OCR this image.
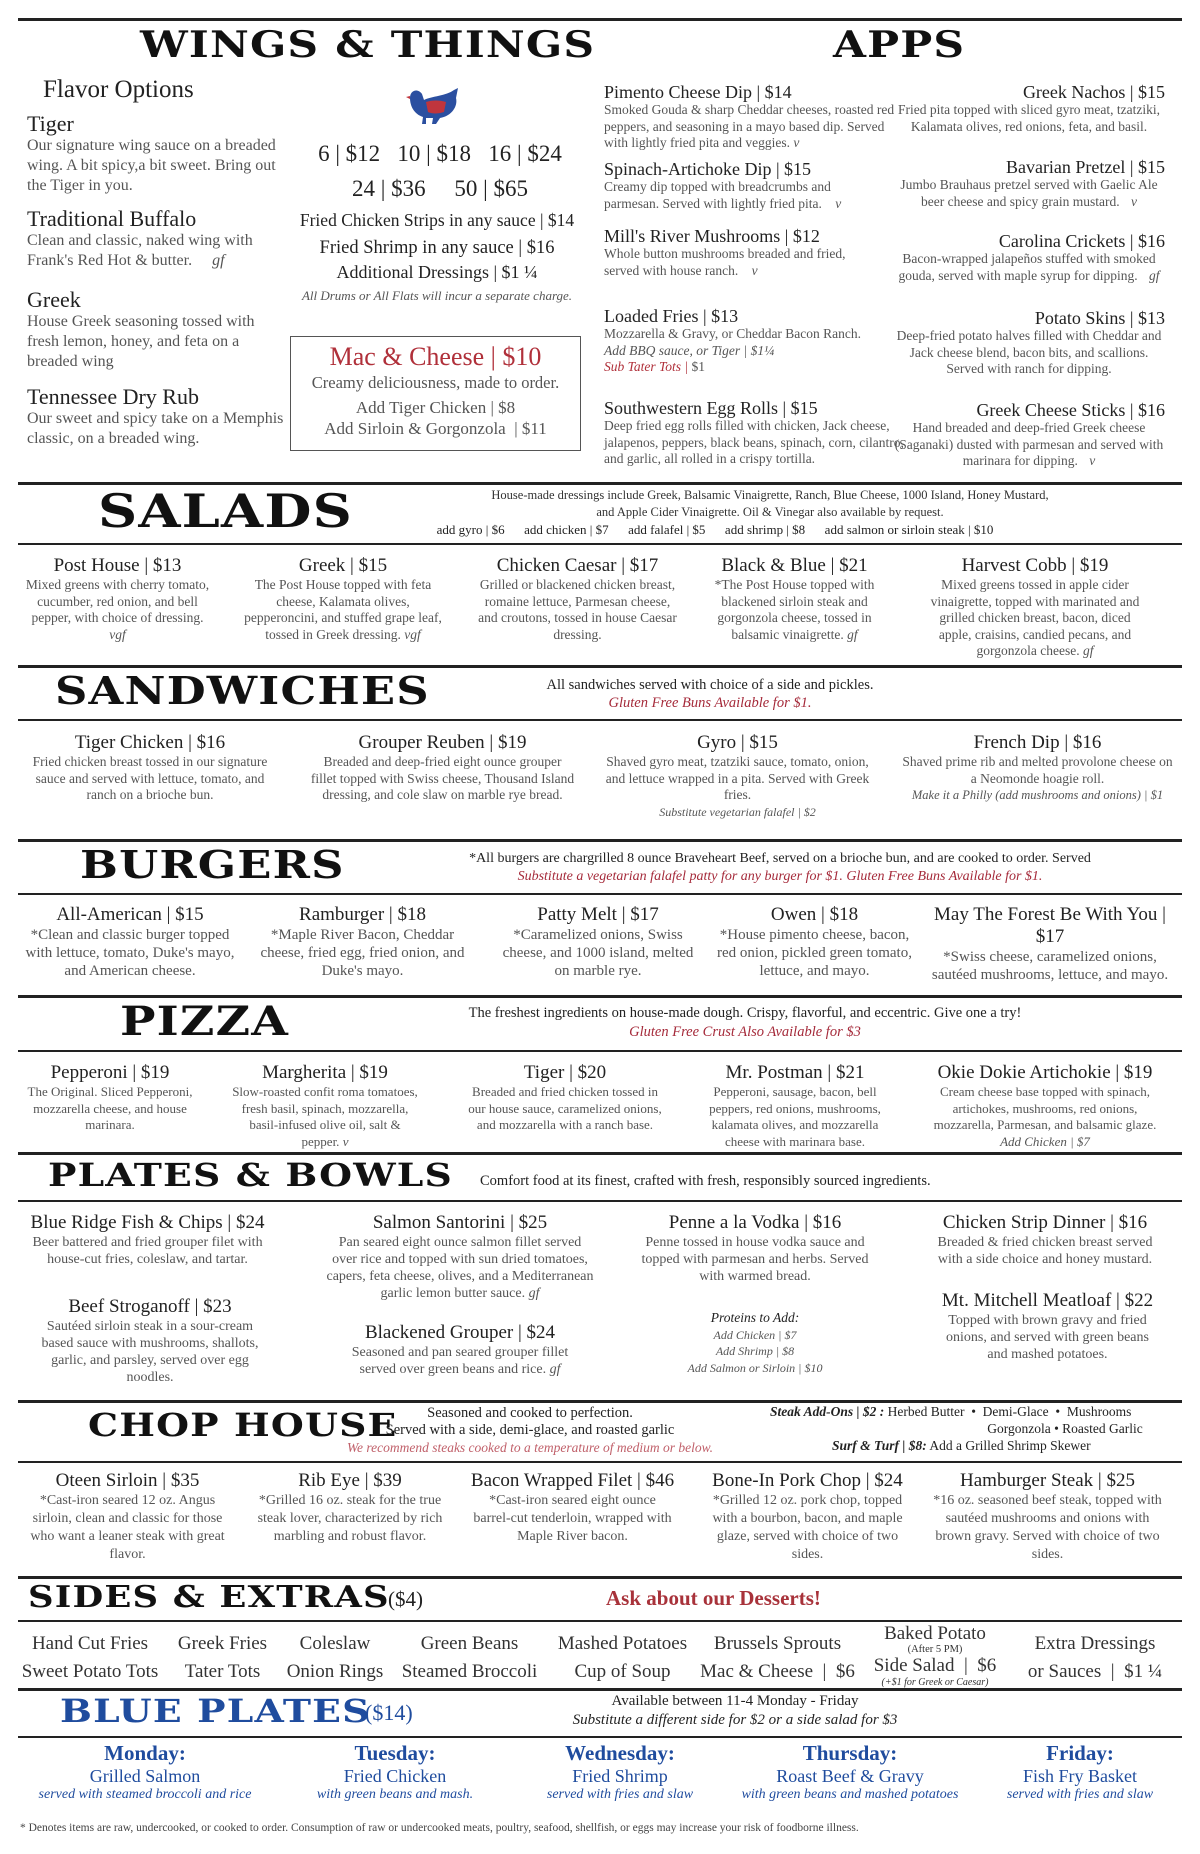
WINGS & THINGS
Flavor Options
Tiger
Our signature wing sauce on a breaded wing. A bit spicy,a bit sweet. Bring out the Tiger in you.
Traditional Buffalo
Clean and classic, naked wing with Frank's Red Hot & butter. gf
Greek
House Greek seasoning tossed with fresh lemon, honey, and feta on a breaded wing
Tennessee Dry Rub
Our sweet and spicy take on a Memphis classic, on a breaded wing.
6 | $12   10 | $18   16 | $24
24 | $36     50 | $65
Fried Chicken Strips in any sauce | $14
Fried Shrimp in any sauce | $16
Additional Dressings | $1 ¼
All Drums or All Flats will incur a separate charge.
Mac & Cheese | $10
Creamy deliciousness, made to order.
Add Tiger Chicken | $8
Add Sirloin & Gorgonzola  | $11
APPS
Pimento Cheese Dip | $14
Smoked Gouda & sharp Cheddar cheeses, roasted red peppers, and seasoning in a mayo based dip. Served with lightly fried pita and veggies. v
Spinach-Artichoke Dip | $15
Creamy dip topped with breadcrumbs and parmesan. Served with lightly fried pita. v
Mill's River Mushrooms | $12
Whole button mushrooms breaded and fried, served with house ranch. v
Loaded Fries | $13
Mozzarella & Gravy, or Cheddar Bacon Ranch.
Add BBQ sauce, or Tiger | $1¼
Sub Tater Tots | $1
Southwestern Egg Rolls | $15
Deep fried egg rolls filled with chicken, Jack cheese, jalapenos, peppers, black beans, spinach, corn, cilantro, and garlic, all rolled in a crispy tortilla.
Greek Nachos | $15
Fried pita topped with sliced gyro meat, tzatziki, Kalamata olives, red onions, feta, and basil.
Bavarian Pretzel | $15
Jumbo Brauhaus pretzel served with Gaelic Ale beer cheese and spicy grain mustard. v
Carolina Crickets | $16
Bacon-wrapped jalapeños stuffed with smoked gouda, served with maple syrup for dipping. gf
Potato Skins | $13
Deep-fried potato halves filled with Cheddar and Jack cheese blend, bacon bits, and scallions. Served with ranch for dipping.
Greek Cheese Sticks | $16
Hand breaded and deep-fried Greek cheese (Saganaki) dusted with parmesan and served with marinara for dipping. v
SALADS	House-made dressings include Greek, Balsamic Vinaigrette, Ranch, Blue Cheese, 1000 Island, Honey Mustard,
and Apple Cider Vinaigrette. Oil & Vinegar also available by request.
add gyro | $6      add chicken | $7      add falafel | $5      add shrimp | $8      add salmon or sirloin steak | $10
Post House | $13
Mixed greens with cherry tomato, cucumber, red onion, and bell pepper, with choice of dressing. vgf
Greek | $15
The Post House topped with feta cheese, Kalamata olives, pepperoncini, and stuffed grape leaf, tossed in Greek dressing. vgf
Chicken Caesar | $17
Grilled or blackened chicken breast, romaine lettuce, Parmesan cheese, and croutons, tossed in house Caesar dressing.
Black & Blue | $21
*The Post House topped with blackened sirloin steak and gorgonzola cheese, tossed in balsamic vinaigrette. gf
Harvest Cobb | $19
Mixed greens tossed in apple cider vinaigrette, topped with marinated and grilled chicken breast, bacon, diced apple, craisins, candied pecans, and gorgonzola cheese. gf
SANDWICHES	All sandwiches served with choice of a side and pickles.
Gluten Free Buns Available for $1.
Tiger Chicken | $16
Fried chicken breast tossed in our signature sauce and served with lettuce, tomato, and ranch on a brioche bun.
Grouper Reuben | $19
Breaded and deep-fried eight ounce grouper fillet topped with Swiss cheese, Thousand Island dressing, and cole slaw on marble rye bread.
Gyro | $15
Shaved gyro meat, tzatziki sauce, tomato, onion, and lettuce wrapped in a pita. Served with Greek fries.
Substitute vegetarian falafel | $2
French Dip | $16
Shaved prime rib and melted provolone cheese on a Neomonde hoagie roll.
Make it a Philly (add mushrooms and onions) | $1
BURGERS	*All burgers are chargrilled 8 ounce Braveheart Beef, served on a brioche bun, and are cooked to order. Served
Substitute a vegetarian falafel patty for any burger for $1. Gluten Free Buns Available for $1.
All-American | $15
*Clean and classic burger topped with lettuce, tomato, Duke's mayo, and American cheese.
Ramburger | $18
*Maple River Bacon, Cheddar cheese, fried egg, fried onion, and Duke's mayo.
Patty Melt | $17
*Caramelized onions, Swiss cheese, and 1000 island, melted on marble rye.
Owen | $18
*House pimento cheese, bacon, red onion, pickled green tomato, lettuce, and mayo.
May The Forest Be With You | $17
*Swiss cheese, caramelized onions, sautéed mushrooms, lettuce, and mayo.
PIZZA	The freshest ingredients on house-made dough. Crispy, flavorful, and eccentric. Give one a try!
Gluten Free Crust Also Available for $3
Pepperoni | $19
The Original. Sliced Pepperoni, mozzarella cheese, and house marinara.
Margherita | $19
Slow-roasted confit roma tomatoes, fresh basil, spinach, mozzarella, basil-infused olive oil, salt & pepper. v
Tiger | $20
Breaded and fried chicken tossed in our house sauce, caramelized onions, and mozzarella with a ranch base.
Mr. Postman | $21
Pepperoni, sausage, bacon, bell peppers, red onions, mushrooms, kalamata olives, and mozzarella cheese with marinara base.
Okie Dokie Artichokie | $19
Cream cheese base topped with spinach, artichokes, mushrooms, red onions, mozzarella, Parmesan, and balsamic glaze.
Add Chicken | $7
PLATES & BOWLS Comfort food at its finest, crafted with fresh, responsibly sourced ingredients.
Blue Ridge Fish & Chips | $24
Beer battered and fried grouper filet with house-cut fries, coleslaw, and tartar.
Beef Stroganoff | $23
Sautéed sirloin steak in a sour-cream based sauce with mushrooms, shallots, garlic, and parsley, served over egg noodles.
Salmon Santorini | $25
Pan seared eight ounce salmon fillet served over rice and topped with sun dried tomatoes, capers, feta cheese, olives, and a Mediterranean garlic lemon butter sauce. gf
Blackened Grouper | $24
Seasoned and pan seared grouper fillet served over green beans and rice. gf
Penne a la Vodka | $16
Penne tossed in house vodka sauce and topped with parmesan and herbs. Served with warmed bread.
Proteins to Add:
Add Chicken | $7
Add Shrimp | $8
Add Salmon or Sirloin | $10
Chicken Strip Dinner | $16
Breaded & fried chicken breast served with a side choice and honey mustard.
Mt. Mitchell Meatloaf | $22
Topped with brown gravy and fried onions, and served with green beans and mashed potatoes.
CHOP HOUSE	Seasoned and cooked to perfection.
Served with a side, demi-glace, and roasted garlic
We recommend steaks cooked to a temperature of medium or below.
Steak Add-Ons | $2 : Herbed Butter  •  Demi-Glace  •  Mushrooms
Gorgonzola • Roasted Garlic
Surf & Turf | $8: Add a Grilled Shrimp Skewer
Oteen Sirloin | $35
*Cast-iron seared 12 oz. Angus sirloin, clean and classic for those who want a leaner steak with great flavor.
Rib Eye | $39
*Grilled 16 oz. steak for the true steak lover, characterized by rich marbling and robust flavor.
Bacon Wrapped Filet | $46
*Cast-iron seared eight ounce barrel-cut tenderloin, wrapped with Maple River bacon.
Bone-In Pork Chop | $24
*Grilled 12 oz. pork chop, topped with a bourbon, bacon, and maple glaze, served with choice of two sides.
Hamburger Steak | $25
*16 oz. seasoned beef steak, topped with sautéed mushrooms and onions with brown gravy. Served with choice of two sides.
SIDES & EXTRAS
($4)	Ask about our Desserts!
Hand Cut Fries
Sweet Potato Tots
Greek Fries
Tater Tots
Coleslaw
Onion Rings
Green Beans
Steamed Broccoli
Mashed Potatoes
Cup of Soup
Brussels Sprouts
Mac & Cheese  |  $6
Baked Potato
(After 5 PM)
Side Salad  |  $6
(+$1 for Greek or Caesar)
Extra Dressings
or Sauces  |  $1 ¼
BLUE PLATES
($14)	Available between 11-4 Monday - Friday
Substitute a different side for $2 or a side salad for $3
Monday:
Grilled Salmon
served with steamed broccoli and rice
Tuesday:
Fried Chicken
with green beans and mash.
Wednesday:
Fried Shrimp
served with fries and slaw
Thursday:
Roast Beef & Gravy
with green beans and mashed potatoes
Friday:
Fish Fry Basket
served with fries and slaw
* Denotes items are raw, undercooked, or cooked to order. Consumption of raw or undercooked meats, poultry, seafood, shellfish, or eggs may increase your risk of foodborne illness.
